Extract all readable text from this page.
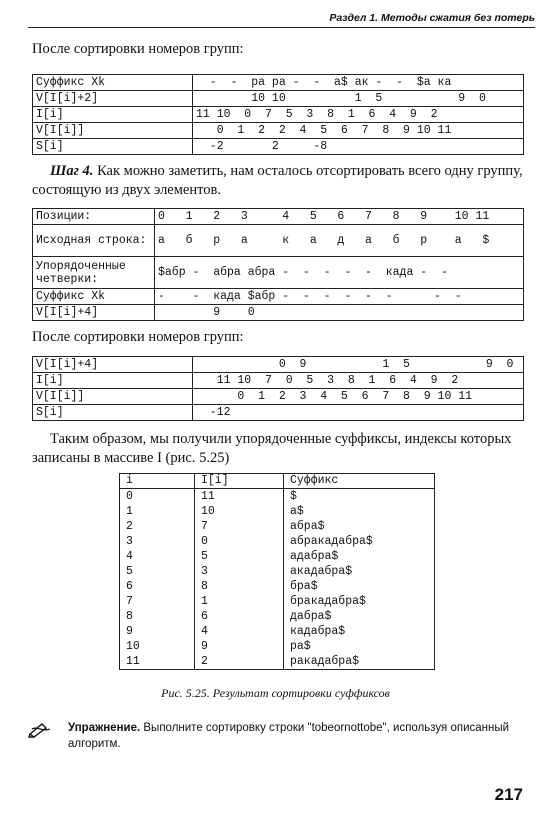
Раздел 1. Методы сжатия без потерь
После сортировки номеров групп:
Суффикс Xk	-  -  ра ра -  -  а$ ак -  -  $а ка
V[I[i]+2]	10 10          1  5           9  0
I[i]	11 10  0  7  5  3  8  1  6  4  9  2
V[I[i]]	0  1  2  2  4  5  6  7  8  9 10 11
S[i]	-2       2     -8
Шаг 4. Как можно заметить, нам осталось отсортировать всего одну группу, состоящую из двух элементов.
Позиции:	0   1   2   3     4   5   6   7   8   9    10 11
Исходная строка:	а   б   р   а     к   а   д   а   б   р    а   $
Упорядоченные четверки:	$абр -  абра абра -  -  -  -  -  кадa -  -
Суффикс Xk	-    -  када $абр -  -  -  -  -  -      -  -
V[I[i]+4]	9    0
После сортировки номеров групп:
V[I[i]+4]	0  9           1  5           9  0
I[i]	11 10  7  0  5  3  8  1  6  4  9  2
V[I[i]]	0  1  2  3  4  5  6  7  8  9 10 11
S[i]	-12
Таким образом, мы получили упорядоченные суффиксы, индексы которых записаны в массиве I (рис. 5.25)
i	I[i]	Суффикс
0	11	$
1	10	а$
2	7	абра$
3	0	абракадабра$
4	5	адабра$
5	3	акадабра$
6	8	бра$
7	1	бракадабра$
8	6	дабра$
9	4	кадабра$
10	9	ра$
11	2	ракадабра$
Рис. 5.25. Результат сортировки суффиксов
Упражнение. Выполните сортировку строки "tobeornottobe", используя описанный алгоритм.
217
